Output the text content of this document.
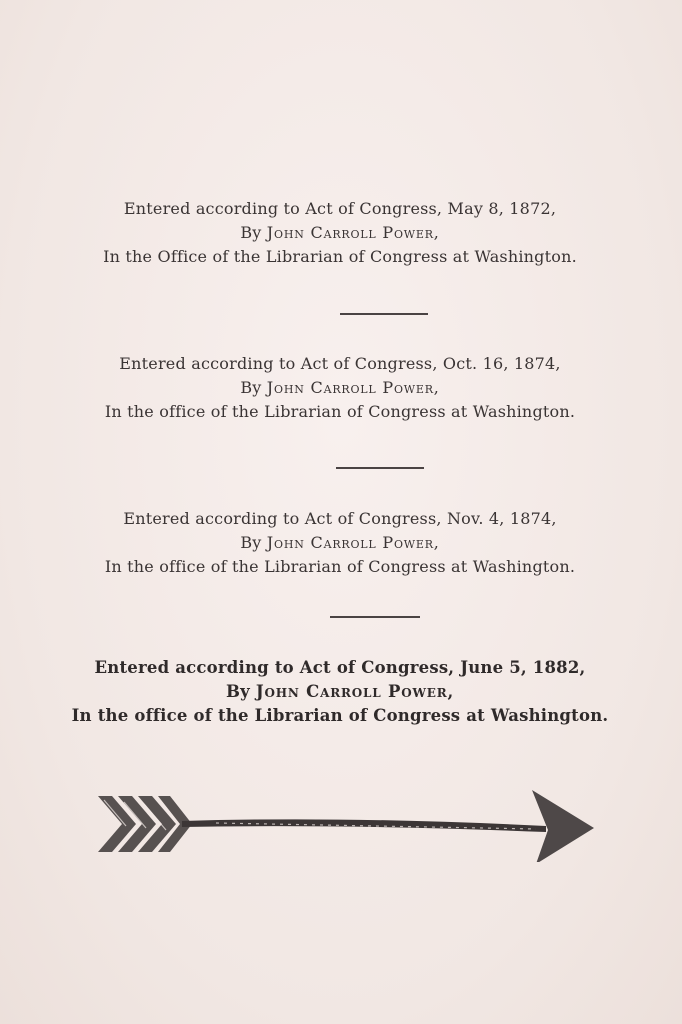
Entered according to Act of Congress, May 8, 1872,
By John Carroll Power,
In the Office of the Librarian of Congress at Washington.
Entered according to Act of Congress, Oct. 16, 1874,
By John Carroll Power,
In the office of the Librarian of Congress at Washington.
Entered according to Act of Congress, Nov. 4, 1874,
By John Carroll Power,
In the office of the Librarian of Congress at Washington.
Entered according to Act of Congress, June 5, 1882,
By John Carroll Power,
In the office of the Librarian of Congress at Washington.
